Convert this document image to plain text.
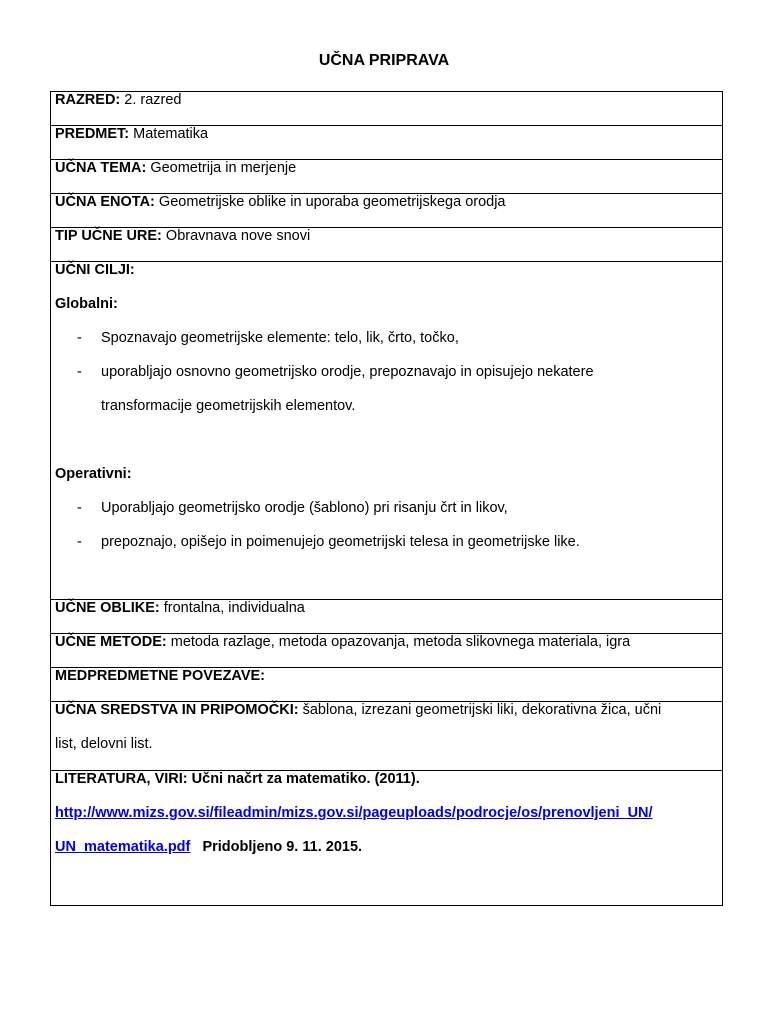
UČNA PRIPRAVA
RAZRED: 2. razred
PREDMET: Matematika
UČNA TEMA: Geometrija in merjenje
UČNA ENOTA: Geometrijske oblike in uporaba geometrijskega orodja
TIP UČNE URE: Obravnava nove snovi

UČNI CILJI:
Globalni:
-	Spoznavajo geometrijske elemente: telo, lik, črto, točko,
-	uporabljajo osnovno geometrijsko orodje, prepoznavajo in opisujejo nekatere
transformacije geometrijskih elementov.
Operativni:
-	Uporabljajo geometrijsko orodje (šablono) pri risanju črt in likov,
-	prepoznajo, opišejo in poimenujejo geometrijski telesa in geometrijske like.

UČNE OBLIKE: frontalna, individualna
UČNE METODE: metoda razlage, metoda opazovanja, metoda slikovnega materiala, igra
MEDPREDMETNE POVEZAVE:

UČNA SREDSTVA IN PRIPOMOČKI: šablona, izrezani geometrijski liki, dekorativna žica, učni
list, delovni list.

LITERATURA, VIRI: Učni načrt za matematiko. (2011).
http://www.mizs.gov.si/fileadmin/mizs.gov.si/pageuploads/podrocje/os/prenovljeni_UN/
UN_matematika.pdf Pridobljeno 9. 11. 2015.
